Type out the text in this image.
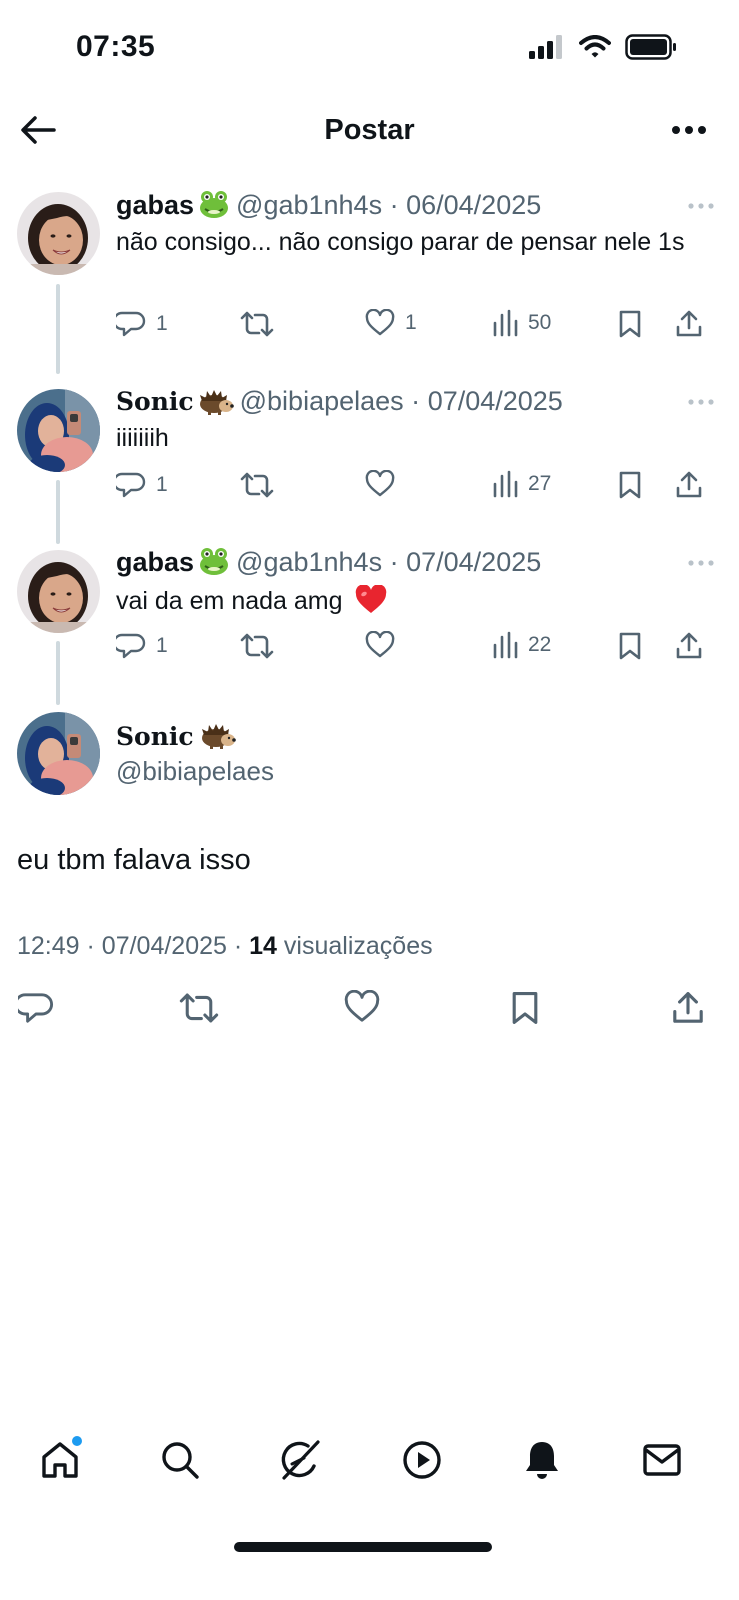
07:35
Postar
gabas @gab1nh4s · 06/04/2025
não consigo... não consigo parar de pensar nele 1s
1	1	50
Sonic @bibiapelaes · 07/04/2025
iiiiiiih
1	27
gabas @gab1nh4s · 07/04/2025
vai da em nada amg
1	22
Sonic
@bibiapelaes
eu tbm falava isso
12:49 · 07/04/2025 · 14 visualizações
